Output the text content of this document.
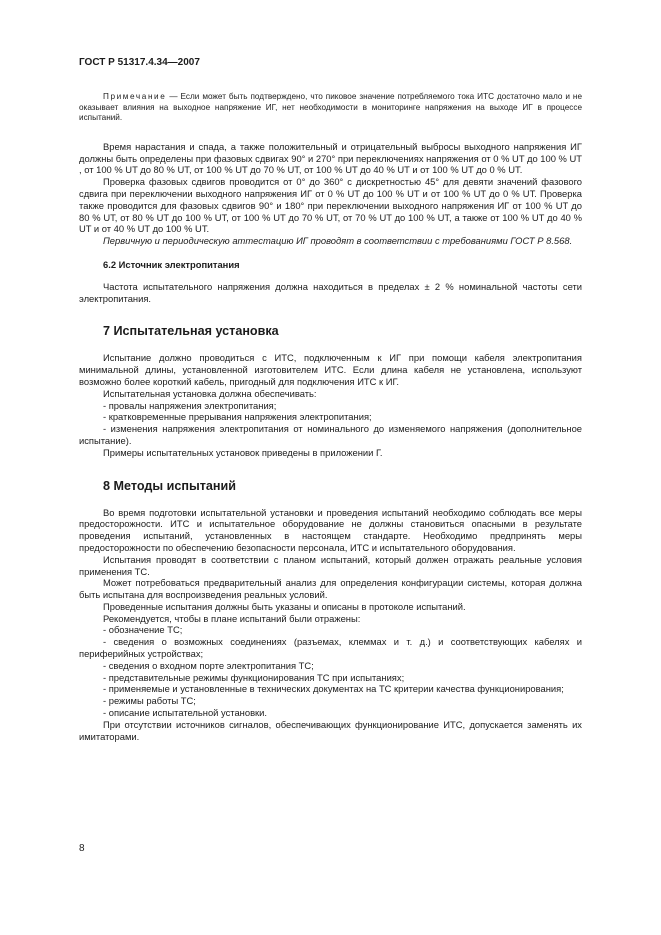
ГОСТ Р 51317.4.34—2007

Примечание — Если может быть подтверждено, что пиковое значение потребляемого тока ИТС достаточно мало и не оказывает влияния на выходное напряжение ИГ, нет необходимости в мониторинге напряжения на выходе ИГ в процессе испытаний.

Время нарастания и спада, а также положительный и отрицательный выбросы выходного напряжения ИГ должны быть определены при фазовых сдвигах 90° и 270° при переключениях напряжения от 0 % UT до 100 % UT , от 100 % UT до 80 % UT, от 100 % UT до 70 % UT, от 100 % UT до 40 % UT и от 100 % UT до 0 % UT.

Проверка фазовых сдвигов проводится от 0° до 360° с дискретностью 45° для девяти значений фазового сдвига при переключении выходного напряжения ИГ от 0 % UT до 100 % UT и от 100 % UT до 0 % UT. Проверка также проводится для фазовых сдвигов 90° и 180° при переключении выходного напряжения ИГ от 100 % UT до 80 % UT, от 80 % UT до 100 % UT, от 100 % UT до 70 % UT, от 70 % UT до 100 % UT, а также от 100 % UT до 40 % UT и от 40 % UT до 100 % UT.

Первичную и периодическую аттестацию ИГ проводят в соответствии с требованиями ГОСТ Р 8.568.

6.2 Источник электропитания

Частота испытательного напряжения должна находиться в пределах ± 2 % номинальной частоты сети электропитания.

7 Испытательная установка

Испытание должно проводиться с ИТС, подключенным к ИГ при помощи кабеля электропитания минимальной длины, установленной изготовителем ИТС. Если длина кабеля не установлена, используют возможно более короткий кабель, пригодный для подключения ИТС к ИГ.

Испытательная установка должна обеспечивать:

- провалы напряжения электропитания;

- кратковременные прерывания напряжения электропитания;

- изменения напряжения электропитания от номинального до изменяемого напряжения (дополнительное испытание).

Примеры испытательных установок приведены в приложении Г.

8 Методы испытаний

Во время подготовки испытательной установки и проведения испытаний необходимо соблюдать все меры предосторожности. ИТС и испытательное оборудование не должны становиться опасными в результате проведения испытаний, установленных в настоящем стандарте. Необходимо предпринять меры предосторожности по обеспечению безопасности персонала, ИТС и испытательного оборудования.

Испытания проводят в соответствии с планом испытаний, который должен отражать реальные условия применения ТС.

Может потребоваться предварительный анализ для определения конфигурации системы, которая должна быть испытана для воспроизведения реальных условий.

Проведенные испытания должны быть указаны и описаны в протоколе испытаний.

Рекомендуется, чтобы в плане испытаний были отражены:

- обозначение ТС;

- сведения о возможных соединениях (разъемах, клеммах и т. д.) и соответствующих кабелях и периферийных устройствах;

- сведения о входном порте электропитания ТС;

- представительные режимы функционирования ТС при испытаниях;

- применяемые и установленные в технических документах на ТС критерии качества функционирования;

- режимы работы ТС;

- описание испытательной установки.

При отсутствии источников сигналов, обеспечивающих функционирование ИТС, допускается заменять их имитаторами.

8
